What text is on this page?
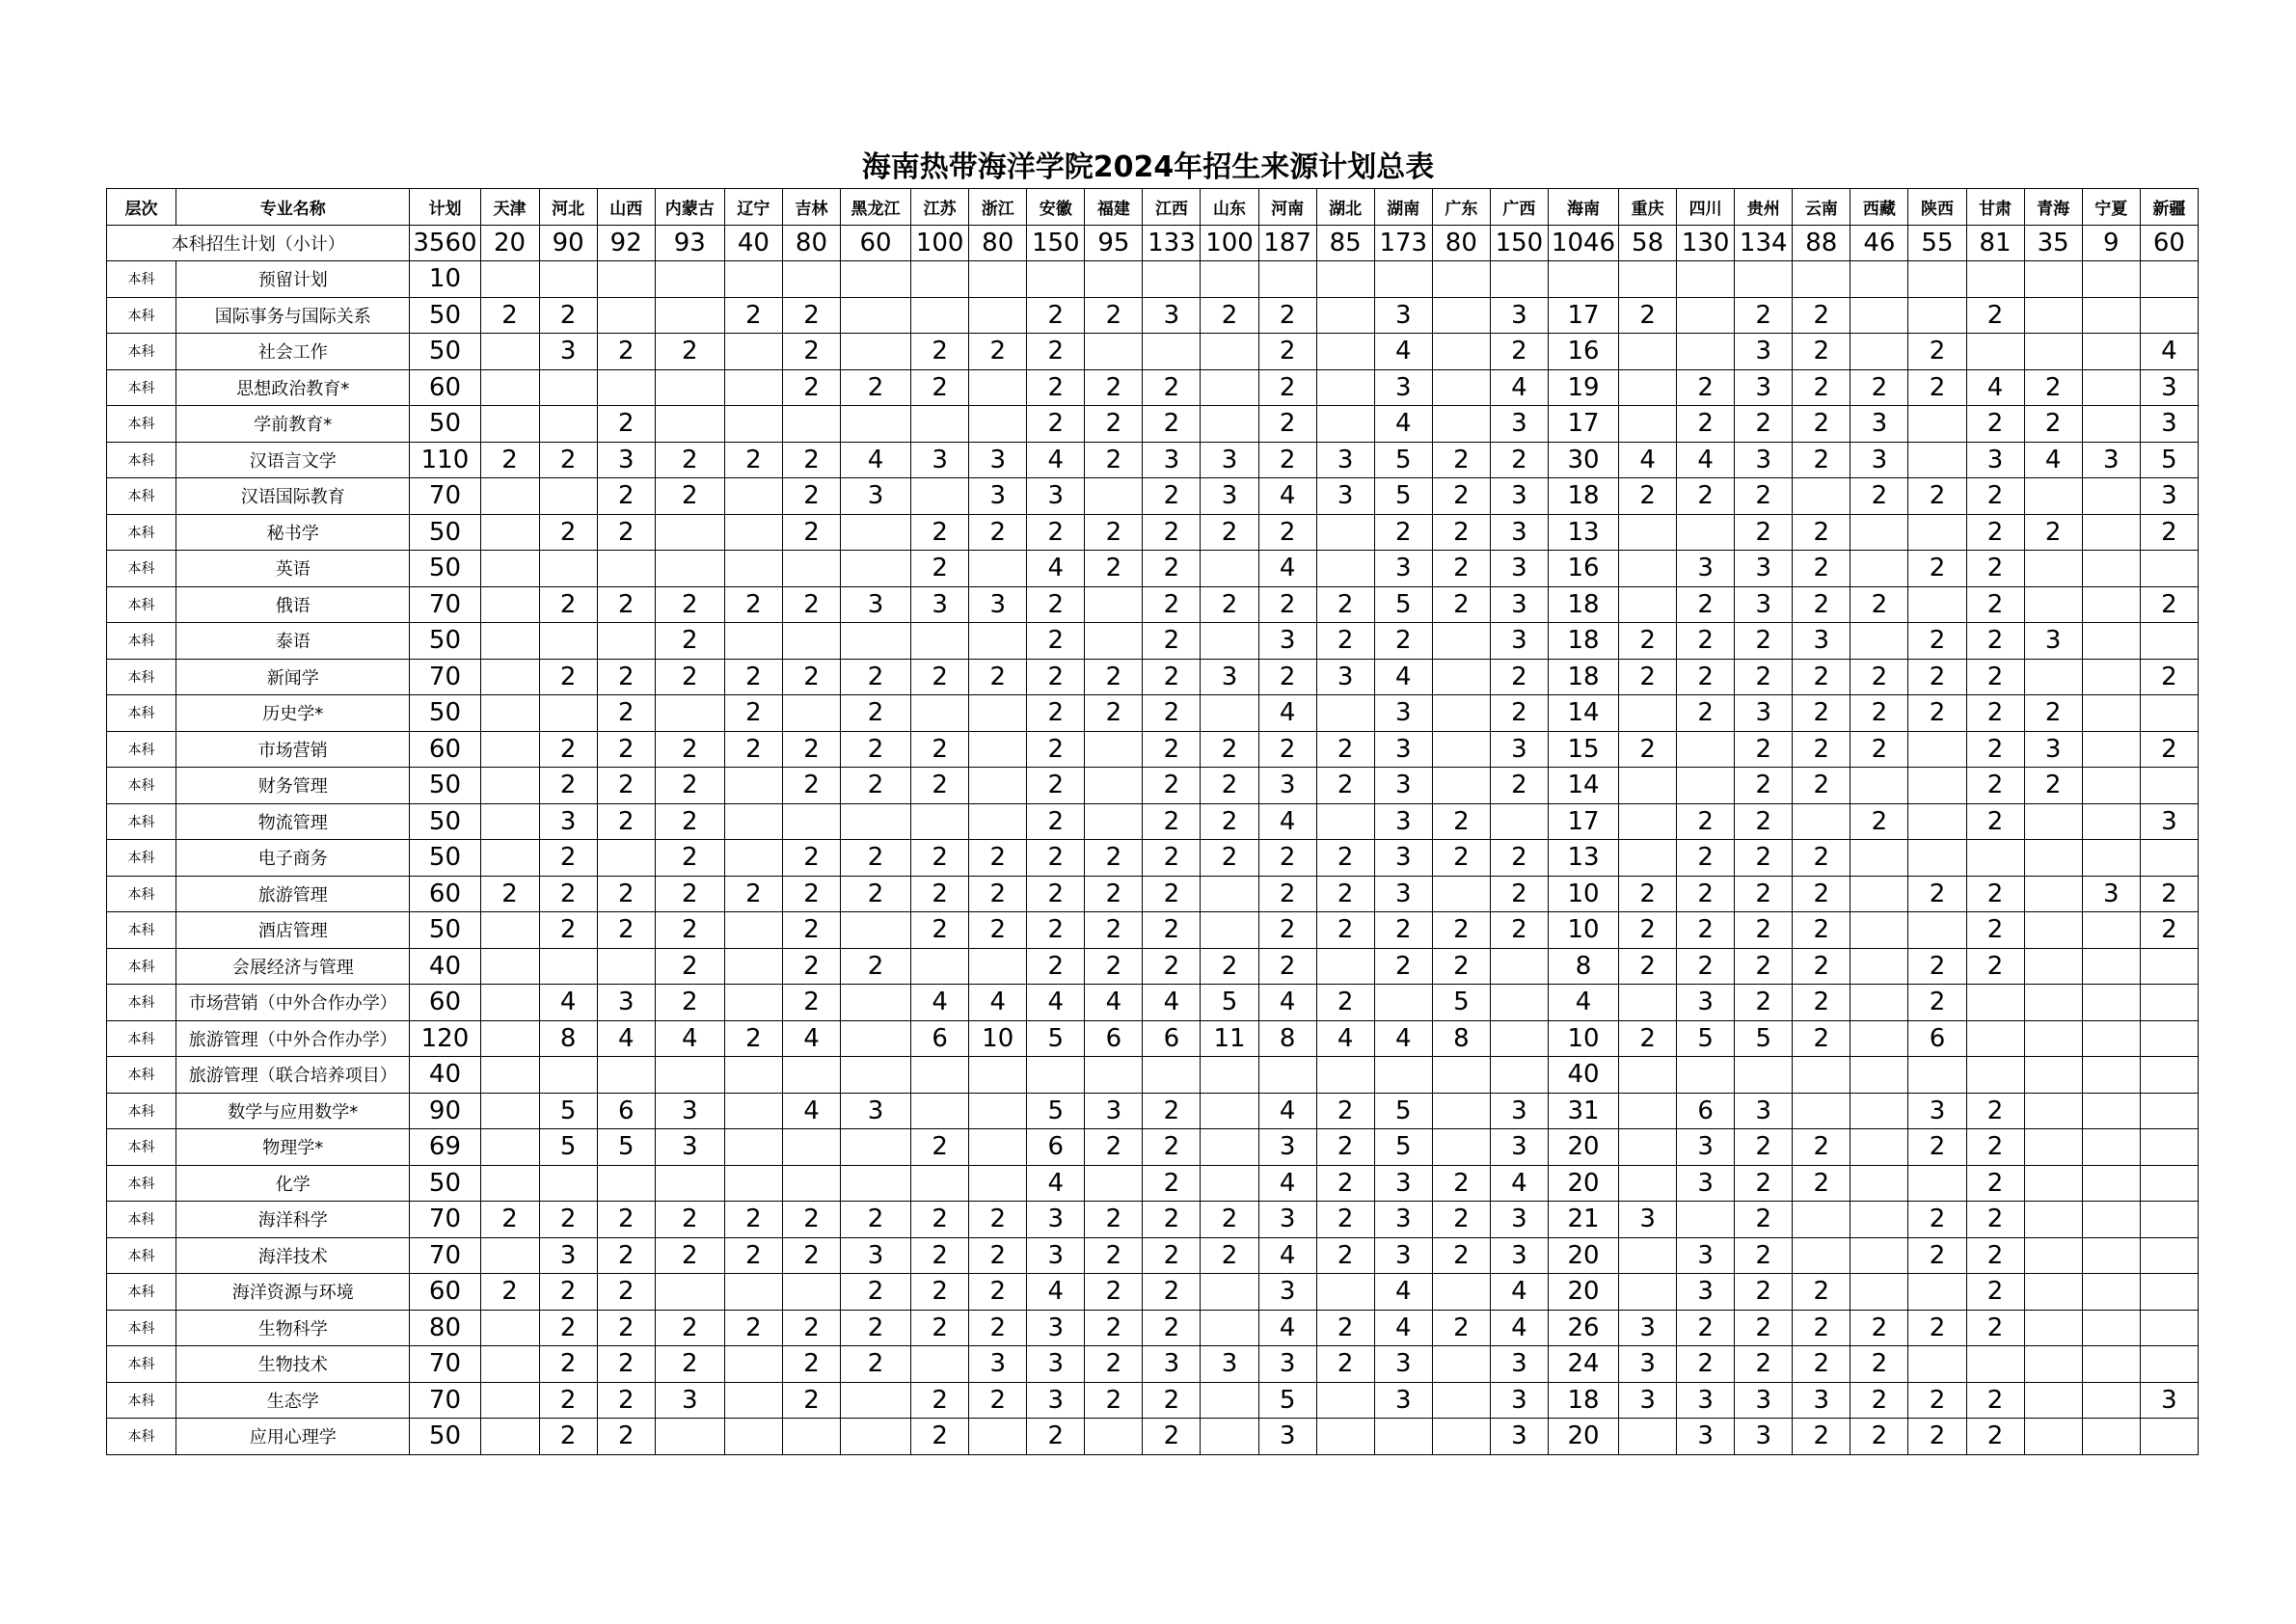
海南热带海洋学院2024年招生来源计划总表
层次	专业名称	计划	天津	河北	山西	内蒙古	辽宁	吉林	黑龙江	江苏	浙江	安徽	福建	江西	山东	河南	湖北	湖南	广东	广西	海南	重庆	四川	贵州	云南	西藏	陕西	甘肃	青海	宁夏	新疆
本科招生计划（小计）		3560	20	90	92	93	40	80	60	100	80	150	95	133	100	187	85	173	80	150	1046	58	130	134	88	46	55	81	35	9	60
本科	预留计划	10																													
本科	国际事务与国际关系	50	2	2			2	2				2	2	3	2	2		3		3	17	2		2	2			2			
本科	社会工作	50		3	2	2		2		2	2	2				2		4		2	16			3	2		2				4
本科	思想政治教育*	60						2	2	2		2	2	2		2		3		4	19		2	3	2	2	2	4	2		3
本科	学前教育*	50			2							2	2	2		2		4		3	17		2	2	2	3		2	2		3
本科	汉语言文学	110	2	2	3	2	2	2	4	3	3	4	2	3	3	2	3	5	2	2	30	4	4	3	2	3		3	4	3	5
本科	汉语国际教育	70			2	2		2	3		3	3		2	3	4	3	5	2	3	18	2	2	2		2	2	2			3
本科	秘书学	50		2	2			2		2	2	2	2	2	2	2		2	2	3	13			2	2			2	2		2
本科	英语	50								2		4	2	2		4		3	2	3	16		3	3	2		2	2			
本科	俄语	70		2	2	2	2	2	3	3	3	2		2	2	2	2	5	2	3	18		2	3	2	2		2			2
本科	泰语	50				2						2		2		3	2	2		3	18	2	2	2	3		2	2	3		
本科	新闻学	70		2	2	2	2	2	2	2	2	2	2	2	3	2	3	4		2	18	2	2	2	2	2	2	2			2
本科	历史学*	50			2		2		2			2	2	2		4		3		2	14		2	3	2	2	2	2	2		
本科	市场营销	60		2	2	2	2	2	2	2		2		2	2	2	2	3		3	15	2		2	2	2		2	3		2
本科	财务管理	50		2	2	2		2	2	2		2		2	2	3	2	3		2	14			2	2			2	2		
本科	物流管理	50		3	2	2						2		2	2	4		3	2		17		2	2		2		2			3
本科	电子商务	50		2		2		2	2	2	2	2	2	2	2	2	2	3	2	2	13		2	2	2						
本科	旅游管理	60	2	2	2	2	2	2	2	2	2	2	2	2		2	2	3		2	10	2	2	2	2		2	2		3	2
本科	酒店管理	50		2	2	2		2		2	2	2	2	2		2	2	2	2	2	10	2	2	2	2			2			2
本科	会展经济与管理	40				2		2	2			2	2	2	2	2		2	2		8	2	2	2	2		2	2			
本科	市场营销（中外合作办学）	60		4	3	2		2		4	4	4	4	4	5	4	2		5		4		3	2	2		2				
本科	旅游管理（中外合作办学）	120		8	4	4	2	4		6	10	5	6	6	11	8	4	4	8		10	2	5	5	2		6				
本科	旅游管理（联合培养项目）	40																			40										
本科	数学与应用数学*	90		5	6	3		4	3			5	3	2		4	2	5		3	31		6	3			3	2			
本科	物理学*	69		5	5	3				2		6	2	2		3	2	5		3	20		3	2	2		2	2			
本科	化学	50										4		2		4	2	3	2	4	20		3	2	2			2			
本科	海洋科学	70	2	2	2	2	2	2	2	2	2	3	2	2	2	3	2	3	2	3	21	3		2			2	2			
本科	海洋技术	70		3	2	2	2	2	3	2	2	3	2	2	2	4	2	3	2	3	20		3	2			2	2			
本科	海洋资源与环境	60	2	2	2				2	2	2	4	2	2		3		4		4	20		3	2	2			2			
本科	生物科学	80		2	2	2	2	2	2	2	2	3	2	2		4	2	4	2	4	26	3	2	2	2	2	2	2			
本科	生物技术	70		2	2	2		2	2		3	3	2	3	3	3	2	3		3	24	3	2	2	2	2					
本科	生态学	70		2	2	3		2		2	2	3	2	2		5		3		3	18	3	3	3	3	2	2	2			3
本科	应用心理学	50		2	2					2		2		2		3				3	20		3	3	2	2	2	2			
